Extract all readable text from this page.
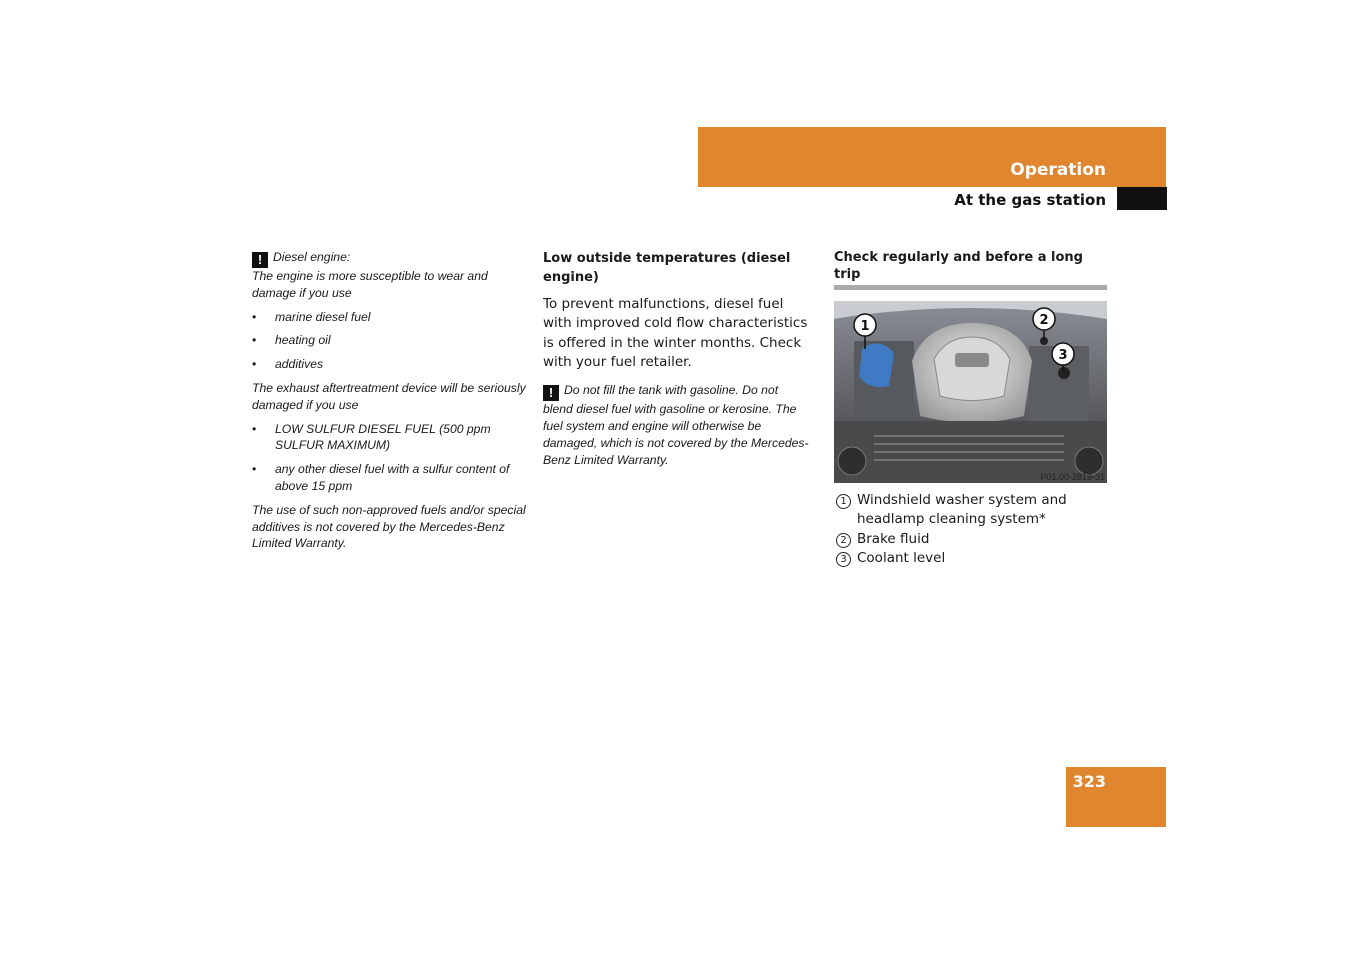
Operation
At the gas station
! Diesel engine:
The engine is more susceptible to wear and damage if you use
• marine diesel fuel
• heating oil
• additives
The exhaust aftertreatment device will be seriously damaged if you use
• LOW SULFUR DIESEL FUEL (500 ppm SULFUR MAXIMUM)
• any other diesel fuel with a sulfur content of above 15 ppm
The use of such non-approved fuels and/or special additives is not covered by the Mercedes-Benz Limited Warranty.
Low outside temperatures (diesel engine)
To prevent malfunctions, diesel fuel with improved cold flow characteristics is offered in the winter months. Check with your fuel retailer.
! Do not fill the tank with gasoline. Do not blend diesel fuel with gasoline or kerosine. The fuel system and engine will otherwise be damaged, which is not covered by the Mercedes-Benz Limited Warranty.
Check regularly and before a long trip
1	2
3
P01.00-2819-31
1 Windshield washer system and headlamp cleaning system*
2 Brake fluid
3 Coolant level
323
